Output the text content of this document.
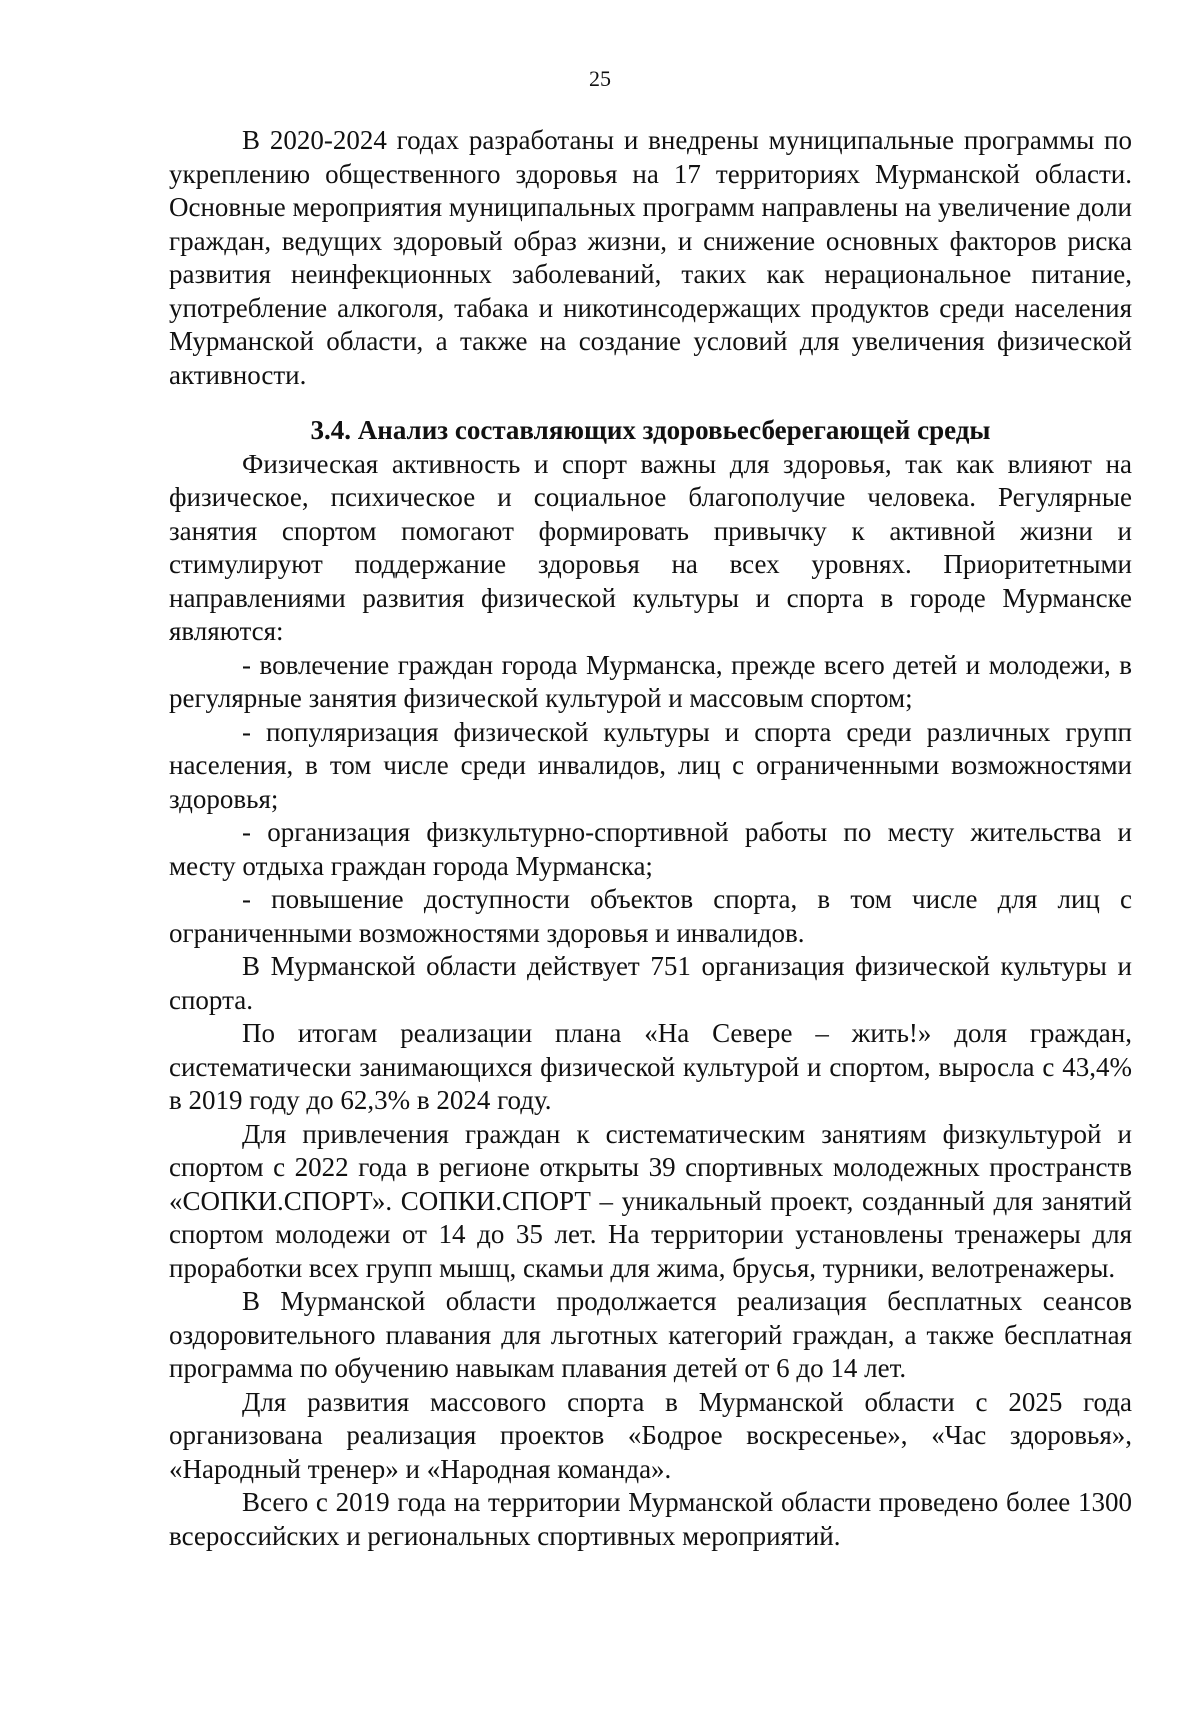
25

В 2020-2024 годах разработаны и внедрены муниципальные программы по укреплению общественного здоровья на 17 территориях Мурманской области. Основные мероприятия муниципальных программ направлены на увеличение доли граждан, ведущих здоровый образ жизни, и снижение основных факторов риска развития неинфекционных заболеваний, таких как нерациональное питание, употребление алкоголя, табака и никотинсодержащих продуктов среди населения Мурманской области, а также на создание условий для увеличения физической активности.

3.4. Анализ составляющих здоровьесберегающей среды

Физическая активность и спорт важны для здоровья, так как влияют на физическое, психическое и социальное благополучие человека. Регулярные занятия спортом помогают формировать привычку к активной жизни и стимулируют поддержание здоровья на всех уровнях. Приоритетными направлениями развития физической культуры и спорта в городе Мурманске являются:

- вовлечение граждан города Мурманска, прежде всего детей и молодежи, в регулярные занятия физической культурой и массовым спортом;

- популяризация физической культуры и спорта среди различных групп населения, в том числе среди инвалидов, лиц с ограниченными возможностями здоровья;

- организация физкультурно-спортивной работы по месту жительства и месту отдыха граждан города Мурманска;

- повышение доступности объектов спорта, в том числе для лиц с ограниченными возможностями здоровья и инвалидов.

В Мурманской области действует 751 организация физической культуры и спорта.

По итогам реализации плана «На Севере – жить!» доля граждан, систематически занимающихся физической культурой и спортом, выросла с 43,4% в 2019 году до 62,3% в 2024 году.

Для привлечения граждан к систематическим занятиям физкультурой и спортом с 2022 года в регионе открыты 39 спортивных молодежных пространств «СОПКИ.СПОРТ». СОПКИ.СПОРТ – уникальный проект, созданный для занятий спортом молодежи от 14 до 35 лет. На территории установлены тренажеры для проработки всех групп мышц, скамьи для жима, брусья, турники, велотренажеры.

В Мурманской области продолжается реализация бесплатных сеансов оздоровительного плавания для льготных категорий граждан, а также бесплатная программа по обучению навыкам плавания детей от 6 до 14 лет.

Для развития массового спорта в Мурманской области с 2025 года организована реализация проектов «Бодрое воскресенье», «Час здоровья», «Народный тренер» и «Народная команда».

Всего с 2019 года на территории Мурманской области проведено более 1300 всероссийских и региональных спортивных мероприятий.
